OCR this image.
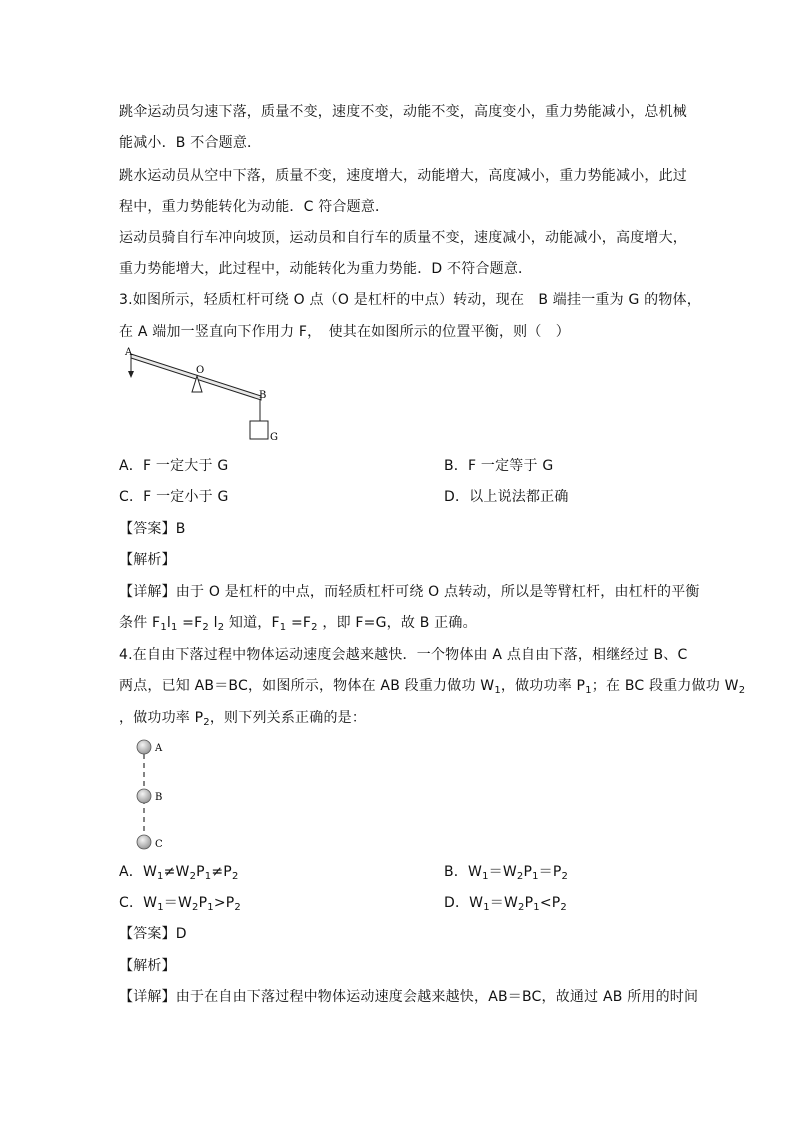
跳伞运动员匀速下落，质量不变，速度不变，动能不变，高度变小，重力势能减小，总机械
能减小．B 不合题意．
跳水运动员从空中下落，质量不变，速度增大，动能增大，高度减小，重力势能减小，此过
程中，重力势能转化为动能．C 符合题意．
运动员骑自行车冲向坡顶，运动员和自行车的质量不变，速度减小，动能减小，高度增大，
重力势能增大，此过程中，动能转化为重力势能．D 不符合题意．
3.如图所示，轻质杠杆可绕 O 点（O 是杠杆的中点）转动，现在　B 端挂一重为 G 的物体，
在 A 端加一竖直向下作用力 F，　使其在如图所示的位置平衡，则（　）
A
O
B
G
A．F 一定大于 G	B．F 一定等于 G
C．F 一定小于 G	D．以上说法都正确
【答案】B
【解析】
【详解】由于 O 是杠杆的中点，而轻质杠杆可绕 O 点转动，所以是等臂杠杆，由杠杆的平衡
条件 $F_1l_1 =F_2$ $l_2$ 知道，$F_1 =F_2$ ，即 F=G，故 B 正确。
4.在自由下落过程中物体运动速度会越来越快．一个物体由 A 点自由下落，相继经过 B、C
两点，已知 AB＝BC，如图所示，物体在 AB 段重力做功 $W_1$，做功功率 $P_1$；在 BC 段重力做功 $W_2$
，做功功率 $P_2$，则下列关系正确的是：
A
B
C
A．$W_1\ne W_2P_1\ne P_2$	B．$W_1=W_2P_1=P_2$
C．$W_1=W_2P_1>P_2$	D．$W_1=W_2P_1<P_2$
【答案】D
【解析】
【详解】由于在自由下落过程中物体运动速度会越来越快，AB＝BC，故通过 AB 所用的时间
